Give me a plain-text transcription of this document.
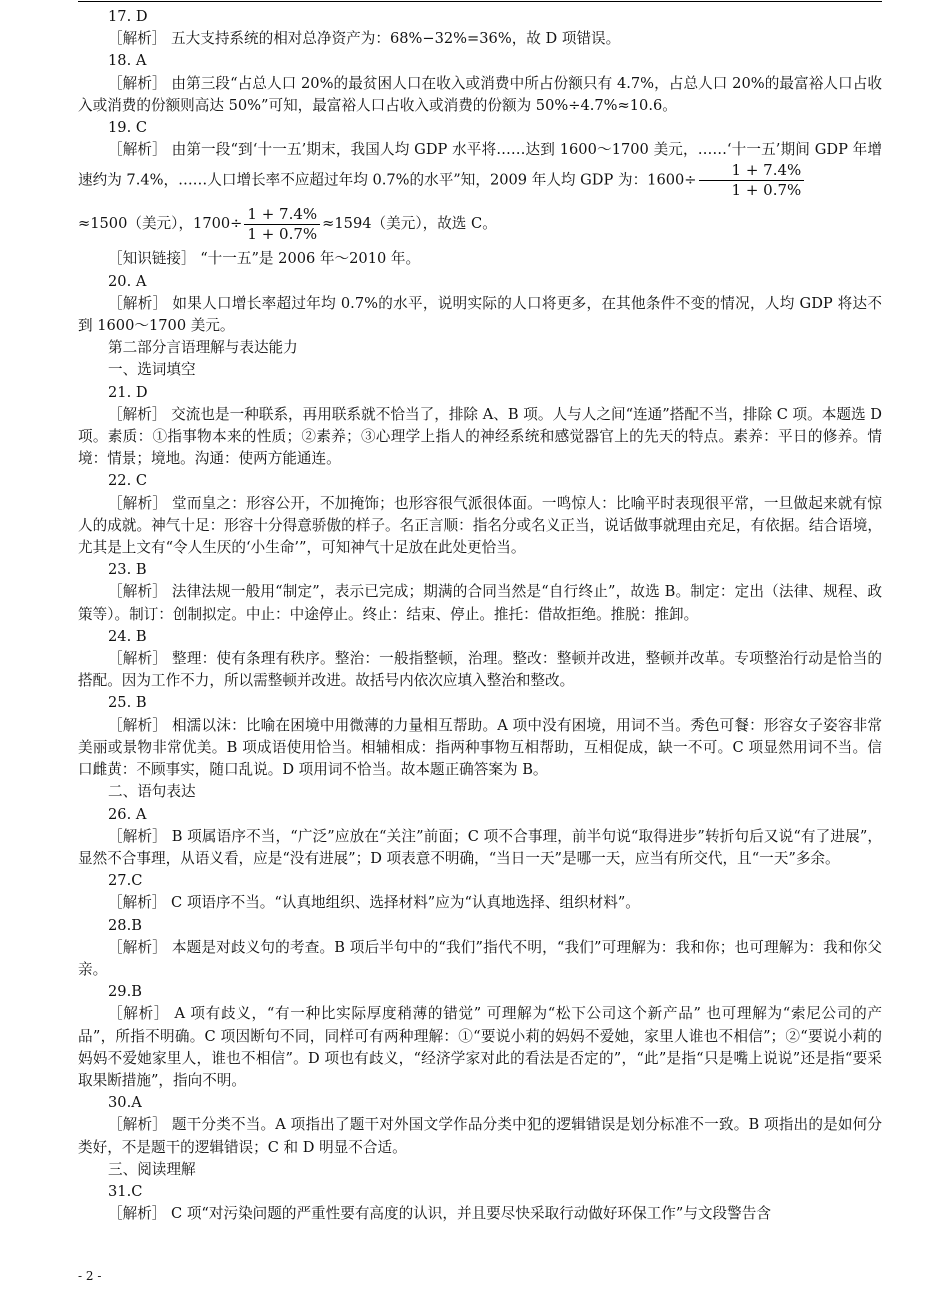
17. D

［解析］ 五大支持系统的相对总净资产为：68%−32%=36%，故 D 项错误。

18. A

［解析］ 由第三段“占总人口 20%的最贫困人口在收入或消费中所占份额只有 4.7%，占总人口 20%的最富裕人口占收入或消费的份额则高达 50%”可知，最富裕人口占收入或消费的份额为 50%÷4.7%≈10.6。

19. C

［解析］ 由第一段“到‘十一五’期末，我国人均 GDP 水平将……达到 1600～1700 美元，……‘十一五’期间 GDP 年增速约为 7.4%，……人口增长率不应超过年均 0.7%的水平”知，2009 年人均 GDP 为：$1600\div \frac{1 + 7.4\%}{1 + 0.7\%}$

≈1500（美元），$1700\div \frac{1 + 7.4\%}{1 + 0.7\%} \approx 1594$（美元），故选 C。

［知识链接］ “十一五”是 2006 年～2010 年。

20. A

［解析］ 如果人口增长率超过年均 0.7%的水平，说明实际的人口将更多，在其他条件不变的情况，人均 GDP 将达不到 1600～1700 美元。

第二部分言语理解与表达能力

一、选词填空

21. D

［解析］ 交流也是一种联系，再用联系就不恰当了，排除 A、B 项。人与人之间“连通”搭配不当，排除 C 项。本题选 D 项。素质：①指事物本来的性质；②素养；③心理学上指人的神经系统和感觉器官上的先天的特点。素养：平日的修养。情境：情景；境地。沟通：使两方能通连。

22. C

［解析］ 堂而皇之：形容公开，不加掩饰；也形容很气派很体面。一鸣惊人：比喻平时表现很平常，一旦做起来就有惊人的成就。神气十足：形容十分得意骄傲的样子。名正言顺：指名分或名义正当，说话做事就理由充足，有依据。结合语境，尤其是上文有“令人生厌的‘小生命’”，可知神气十足放在此处更恰当。

23. B

［解析］ 法律法规一般用“制定”，表示已完成；期满的合同当然是“自行终止”，故选 B。制定：定出（法律、规程、政策等）。制订：创制拟定。中止：中途停止。终止：结束、停止。推托：借故拒绝。推脱：推卸。

24. B

［解析］ 整理：使有条理有秩序。整治：一般指整顿，治理。整改：整顿并改进，整顿并改革。专项整治行动是恰当的搭配。因为工作不力，所以需整顿并改进。故括号内依次应填入整治和整改。

25. B

［解析］ 相濡以沫：比喻在困境中用微薄的力量相互帮助。A 项中没有困境，用词不当。秀色可餐：形容女子姿容非常美丽或景物非常优美。B 项成语使用恰当。相辅相成：指两种事物互相帮助，互相促成，缺一不可。C 项显然用词不当。信口雌黄：不顾事实，随口乱说。D 项用词不恰当。故本题正确答案为 B。

二、语句表达

26. A

［解析］ B 项属语序不当，“广泛”应放在“关注”前面；C 项不合事理，前半句说“取得进步”转折句后又说“有了进展”，显然不合事理，从语义看，应是“没有进展”；D 项表意不明确，“当日一天”是哪一天，应当有所交代，且“一天”多余。

27.C

［解析］ C 项语序不当。“认真地组织、选择材料”应为“认真地选择、组织材料”。

28.B

［解析］ 本题是对歧义句的考查。B 项后半句中的“我们”指代不明，“我们”可理解为：我和你；也可理解为：我和你父亲。

29.B

［解析］ A 项有歧义，“有一种比实际厚度稍薄的错觉” 可理解为“松下公司这个新产品” 也可理解为“索尼公司的产品”，所指不明确。C 项因断句不同，同样可有两种理解：①“要说小莉的妈妈不爱她，家里人谁也不相信”；②“要说小莉的妈妈不爱她家里人，谁也不相信”。D 项也有歧义，“经济学家对此的看法是否定的”，“此”是指“只是嘴上说说”还是指“要采取果断措施”，指向不明。

30.A

［解析］ 题干分类不当。A 项指出了题干对外国文学作品分类中犯的逻辑错误是划分标准不一致。B 项指出的是如何分类好，不是题干的逻辑错误；C 和 D 明显不合适。

三、阅读理解

31.C

［解析］ C 项“对污染问题的严重性要有高度的认识，并且要尽快采取行动做好环保工作”与文段警告含

- 2 -
